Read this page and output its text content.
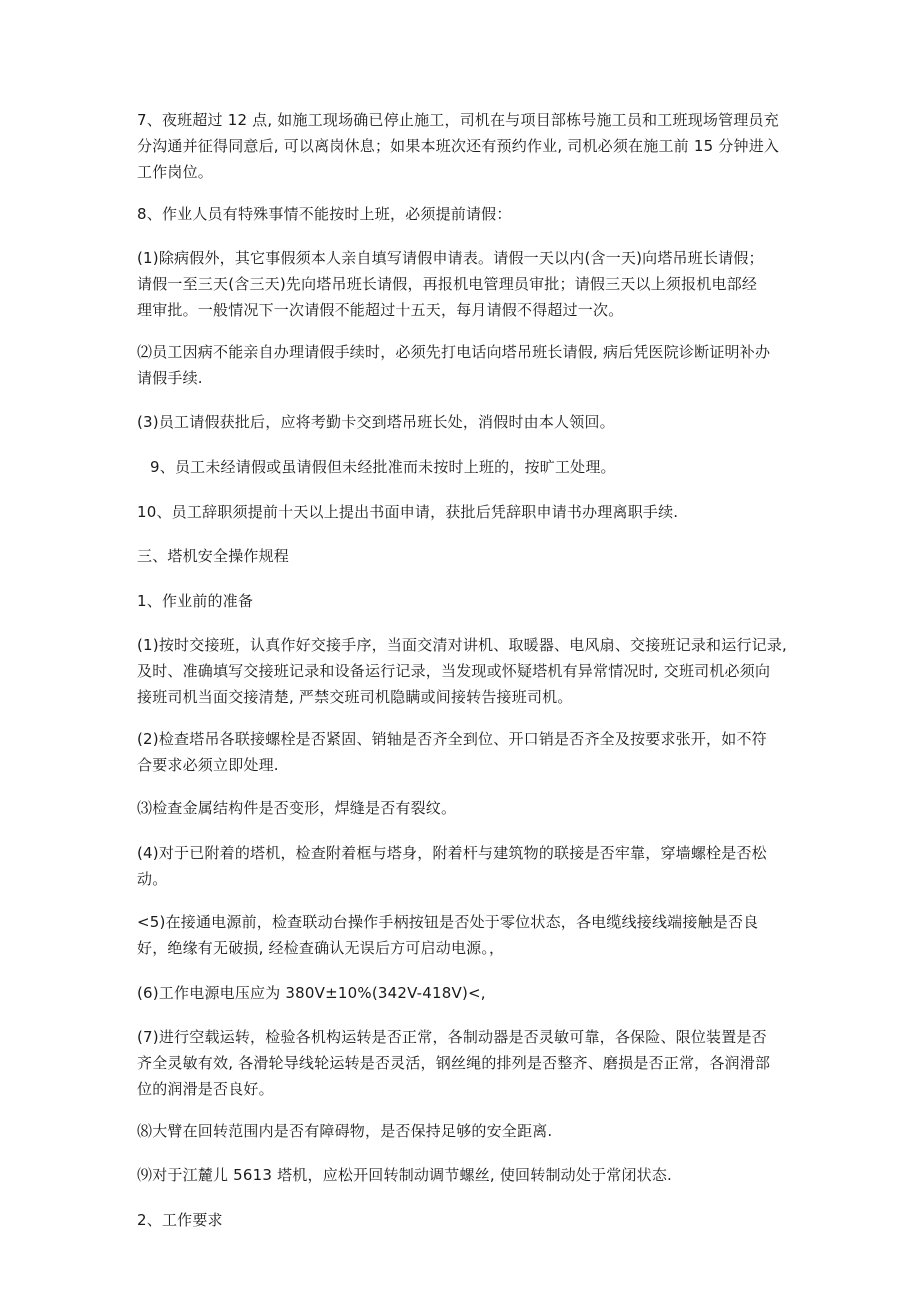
7、夜班超过 12 点, 如施工现场确已停止施工，司机在与项目部栋号施工员和工班现场管理员充
分沟通并征得同意后, 可以离岗休息；如果本班次还有预约作业, 司机必须在施工前 15 分钟进入
工作岗位。

8、作业人员有特殊事情不能按时上班，必须提前请假：

(1)除病假外，其它事假须本人亲自填写请假申请表。请假一天以内(含一天)向塔吊班长请假；
请假一至三天(含三天)先向塔吊班长请假，再报机电管理员审批；请假三天以上须报机电部经
理审批。一般情况下一次请假不能超过十五天，每月请假不得超过一次。

⑵员工因病不能亲自办理请假手续时，必须先打电话向塔吊班长请假, 病后凭医院诊断证明补办
请假手续.

(3)员工请假获批后，应将考勤卡交到塔吊班长处，消假时由本人领回。

9、员工未经请假或虽请假但未经批准而未按时上班的，按旷工处理。

10、员工辞职须提前十天以上提出书面申请，获批后凭辞职申请书办理离职手续.

三、塔机安全操作规程

1、作业前的准备

(1)按时交接班，认真作好交接手序，当面交清对讲机、取暖器、电风扇、交接班记录和运行记录,
及时、准确填写交接班记录和设备运行记录，当发现或怀疑塔机有异常情况时, 交班司机必须向
接班司机当面交接清楚, 严禁交班司机隐瞒或间接转告接班司机。

(2)检查塔吊各联接螺栓是否紧固、销轴是否齐全到位、开口销是否齐全及按要求张开，如不符
合要求必须立即处理.

⑶检查金属结构件是否变形，焊缝是否有裂纹。

(4)对于已附着的塔机，检查附着框与塔身，附着杆与建筑物的联接是否牢靠，穿墙螺栓是否松
动。

<5)在接通电源前，检查联动台操作手柄按钮是否处于零位状态，各电缆线接线端接触是否良
好，绝缘有无破损, 经检查确认无误后方可启动电源。，

(6)工作电源电压应为 380V±10%(342V-418V)<,

(7)进行空载运转，检验各机构运转是否正常，各制动器是否灵敏可靠，各保险、限位装置是否
齐全灵敏有效, 各滑轮导线轮运转是否灵活，钢丝绳的排列是否整齐、磨损是否正常，各润滑部
位的润滑是否良好。

⑻大臂在回转范围内是否有障碍物，是否保持足够的安全距离.

⑼对于江麓儿 5613 塔机，应松开回转制动调节螺丝, 使回转制动处于常闭状态.

2、工作要求
